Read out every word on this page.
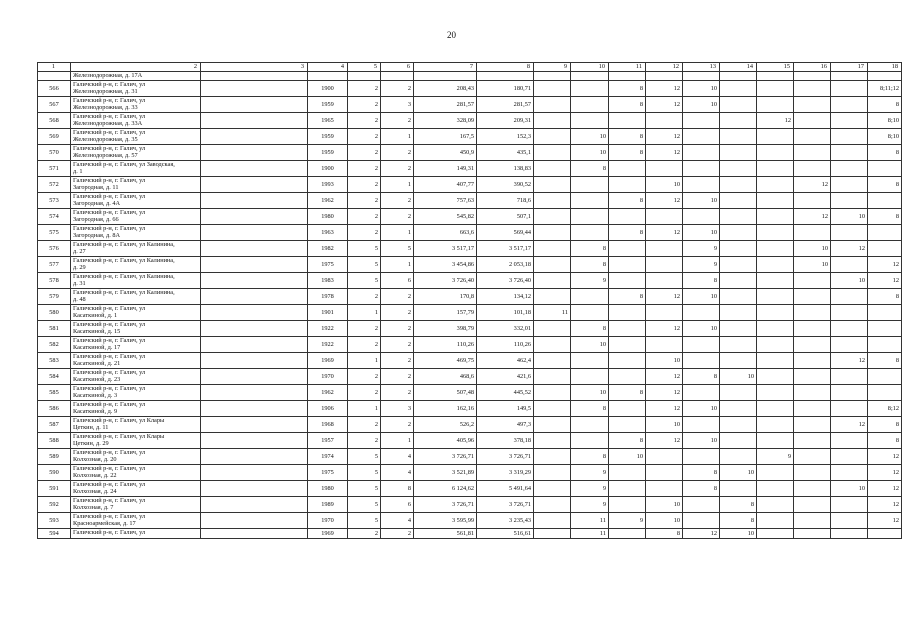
20
1	2	3	4	5	6	7	8	9	10	11	12	13	14	15	16	17	18
	Железнодорожная, д. 17А																
566	Галичский р-н, г. Галич, ул
Железнодорожная, д. 31		1900	2	2	208,43	180,71			8	12	10					8;11;12
567	Галичский р-н, г. Галич, ул
Железнодорожная, д. 33		1959	2	3	281,57	281,57			8	12	10					8
568	Галичский р-н, г. Галич, ул
Железнодорожная, д. 33А		1965	2	2	328,09	209,31							12			8;10
569	Галичский р-н, г. Галич, ул
Железнодорожная, д. 35		1959	2	1	167,5	152,3		10	8	12						8;10
570	Галичский р-н, г. Галич, ул
Железнодорожная, д. 57		1959	2	2	450,9	435,1		10	8	12						8
571	Галичский р-н, г. Галич, ул Заводская,
д. 1		1900	2	2	149,31	138,83		8								
572	Галичский р-н, г. Галич, ул
Загородная, д. 11		1993	2	1	407,77	390,52				10				12		8
573	Галичский р-н, г. Галич, ул
Загородная, д. 4А		1962	2	2	757,63	718,6			8	12	10					
574	Галичский р-н, г. Галич, ул
Загородная, д. 66		1980	2	2	545,82	507,1								12	10	8
575	Галичский р-н, г. Галич, ул
Загородная, д. 8А		1963	2	1	663,6	569,44			8	12	10					
576	Галичский р-н, г. Галич, ул Калинина,
д. 27		1982	5	5	3 517,17	3 517,17		8			9			10	12	
577	Галичский р-н, г. Галич, ул Калинина,
д. 29		1975	5	1	3 454,86	2 053,18		8			9			10		12
578	Галичский р-н, г. Галич, ул Калинина,
д. 31		1983	5	6	3 726,40	3 726,40		9			8				10	12
579	Галичский р-н, г. Галич, ул Калинина,
д. 48		1978	2	2	170,8	134,12			8	12	10					8
580	Галичский р-н, г. Галич, ул
Касаткиной, д. 1		1901	1	2	157,79	101,18	11									
581	Галичский р-н, г. Галич, ул
Касаткиной, д. 15		1922	2	2	398,79	332,01		8		12	10					
582	Галичский р-н, г. Галич, ул
Касаткиной, д. 17		1922	2	2	110,26	110,26		10								
583	Галичский р-н, г. Галич, ул
Касаткиной, д. 21		1969	1	2	469,75	462,4				10					12	8
584	Галичский р-н, г. Галич, ул
Касаткиной, д. 23		1970	2	2	468,6	421,6				12	8	10				
585	Галичский р-н, г. Галич, ул
Касаткиной, д. 3		1962	2	2	507,48	445,52		10	8	12						
586	Галичский р-н, г. Галич, ул
Касаткиной, д. 9		1906	1	3	162,16	149,5		8		12	10					8;12
587	Галичский р-н, г. Галич, ул Клары
Цеткин, д. 11		1968	2	2	526,2	497,3				10					12	8
588	Галичский р-н, г. Галич, ул Клары
Цеткин, д. 29		1957	2	1	405,96	378,18			8	12	10					8
589	Галичский р-н, г. Галич, ул
Колхозная, д. 20		1974	5	4	3 726,71	3 726,71		8	10				9			12
590	Галичский р-н, г. Галич, ул
Колхозная, д. 22		1975	5	4	3 521,89	3 319,29		9			8	10				12
591	Галичский р-н, г. Галич, ул
Колхозная, д. 24		1980	5	8	6 124,62	5 491,64		9			8				10	12
592	Галичский р-н, г. Галич, ул
Колхозная, д. 7		1989	5	6	3 726,71	3 726,71		9		10		8				12
593	Галичский р-н, г. Галич, ул
Красноармейская, д. 17		1970	5	4	3 595,99	3 235,43		11	9	10		8				12
594	Галичский р-н, г. Галич, ул		1969	2	2	561,81	516,61		11		8	12	10				
